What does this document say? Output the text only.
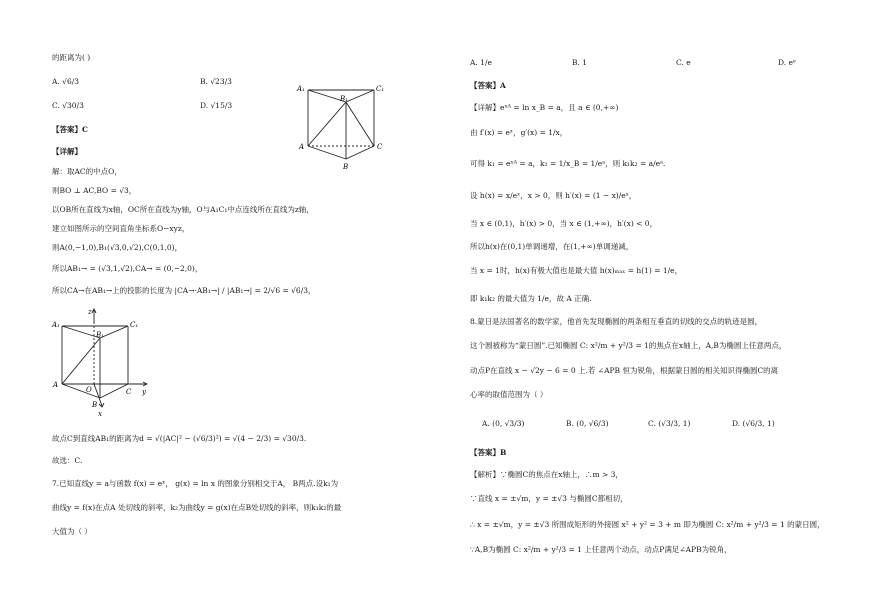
的距离为( )
A. √6/3	B. √23/3
C. √30/3	D. √15/3
【答案】C
【详解】
解：取AC的中点O，
则BO ⊥ AC,BO = √3，
以OB所在直线为x轴，OC所在直线为y轴，O与A₁C₁中点连线所在直线为z轴，
建立如图所示的空间直角坐标系O−xyz，
则A(0,−1,0),B₁(√3,0,√2),C(0,1,0)，
所以AB₁→ = (√3,1,√2),CA→ = (0,−2,0)，
所以CA→在AB₁→上的投影的长度为 |CA→·AB₁→| / |AB₁→| = 2/√6 = √6/3，
故点C到直线AB₁的距离为d = √(|AC|² − (√6/3)²) = √(4 − 2/3) = √30/3.
故选：C.
7.已知直线y = a与函数 f(x) = eˣ， g(x) = ln x 的图象分别相交于A， B两点.设k₁为
曲线y = f(x)在点A 处切线的斜率，k₂为曲线y = g(x)在点B处切线的斜率，则k₁k₂的最
大值为（ ）
A₁
B₁
C₁
A	C
B
z
A₁	C₁
B₁
A
O	C y
B
x
A. 1/e	B. 1	C. e	D. eᵉ
【答案】A
【详解】eˣᴬ = ln x_B = a，且 a ∈ (0,+∞)
由 f′(x) = eˣ，g′(x) = 1/x，
可得 k₁ = eˣᴬ = a，k₂ = 1/x_B = 1/eᵃ，则 k₁k₂ = a/eᵃ.
设 h(x) = x/eˣ，x > 0，则 h′(x) = (1 − x)/eˣ，
当 x ∈ (0,1)，h′(x) > 0，当 x ∈ (1,+∞)，h′(x) < 0，
所以h(x)在(0,1)单调递增，在(1,+∞)单调递减，
当 x = 1时，h(x)有极大值也是最大值 h(x)ₘₐₓ = h(1) = 1/e，
即 k₁k₂ 的最大值为 1/e，故 A 正确.
8.蒙日是法国著名的数学家，他首先发现椭圆的两条相互垂直的切线的交点的轨迹是圆，
这个圆被称为“蒙日圆”.已知椭圆 C: x²/m + y²/3 = 1的焦点在x轴上，A,B为椭圆上任意两点，
动点P在直线 x − √2y − 6 = 0 上.若 ∠APB 恒为锐角，根据蒙日圆的相关知识得椭圆C的离
心率的取值范围为（ ）
A. (0, √3/3)	B. (0, √6/3)	C. (√3/3, 1)	D. (√6/3, 1)
【答案】B
【解析】∵椭圆C的焦点在x轴上，∴m > 3，
∵直线 x = ±√m，y = ±√3 与椭圆C都相切，
∴ x = ±√m，y = ±√3 所围成矩形的外接圆 x² + y² = 3 + m 即为椭圆 C: x²/m + y²/3 = 1 的蒙日圆，
∵A,B为椭圆 C: x²/m + y²/3 = 1 上任意两个动点，动点P满足∠APB为锐角，
